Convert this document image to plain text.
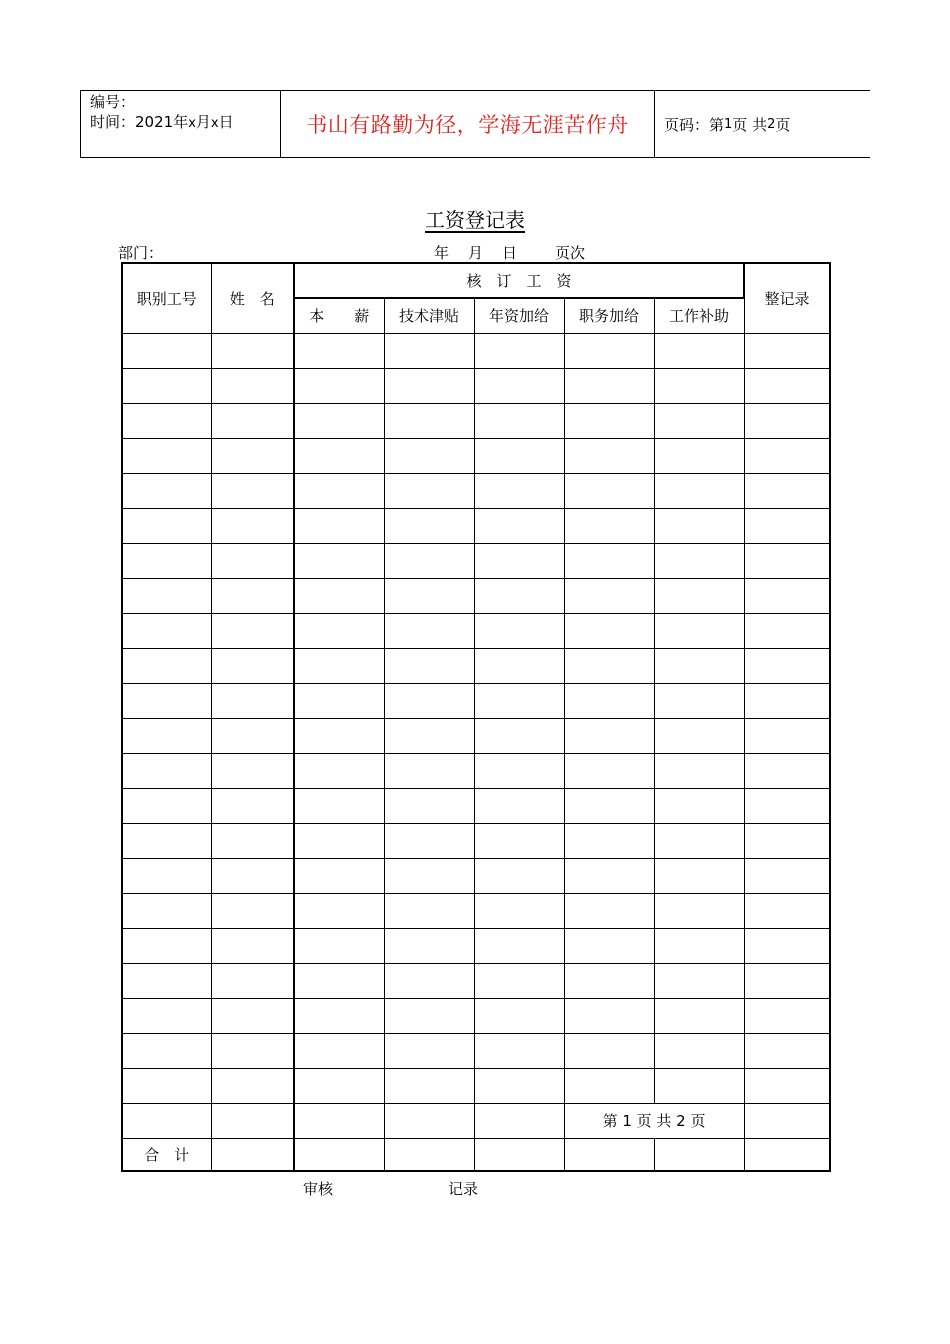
编号：
时间：2021年x月x日	书山有路勤为径，学海无涯苦作舟 页码：第 1 页 共 2 页
工资登记表
部门：	年 月 日	页次
职别工号	姓　名	核　订　工　资					整记录
		本　　薪	技术津贴	年资加给	职务加给	工作补助	

					第 1 页 共 2 页		
合　计							
审核	记录
